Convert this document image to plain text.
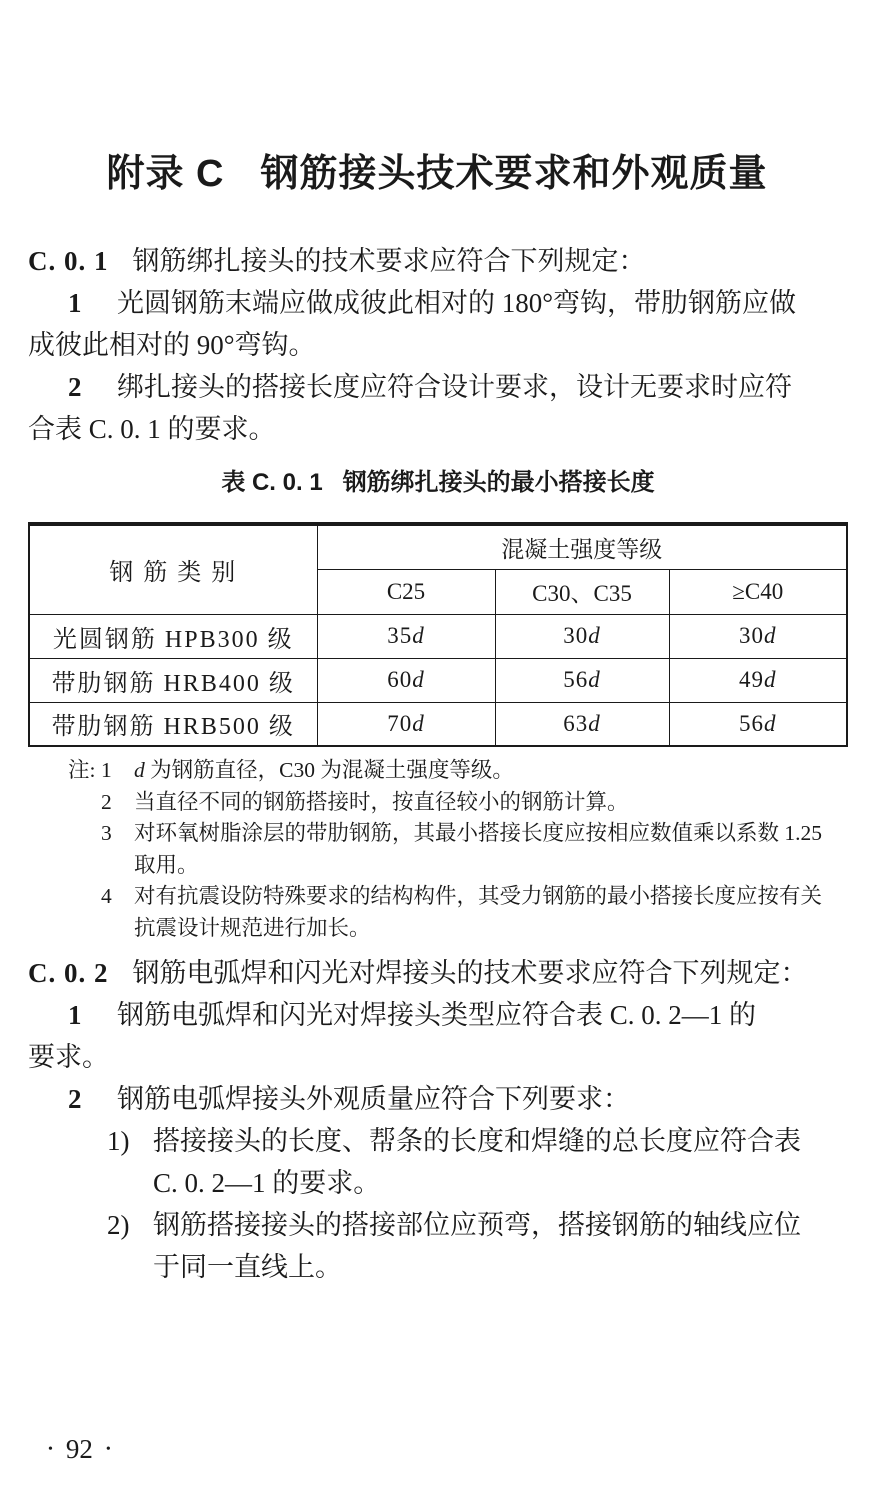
附录 C 钢筋接头技术要求和外观质量
C. 0. 1 钢筋绑扎接头的技术要求应符合下列规定：
1 光圆钢筋末端应做成彼此相对的 180°弯钩，带肋钢筋应做
成彼此相对的 90°弯钩。
2 绑扎接头的搭接长度应符合设计要求，设计无要求时应符
合表 C. 0. 1 的要求。
表 C. 0. 1 钢筋绑扎接头的最小搭接长度
钢 筋 类 别	混凝土强度等级		
	C25	C30、C35	≥C40
光圆钢筋 HPB300 级	35d	30d	30d
带肋钢筋 HRB400 级	60d	56d	49d
带肋钢筋 HRB500 级	70d	63d	56d
注: 1	d 为钢筋直径，C30 为混凝土强度等级。
2	当直径不同的钢筋搭接时，按直径较小的钢筋计算。
3	对环氧树脂涂层的带肋钢筋，其最小搭接长度应按相应数值乘以系数 1.25 取用。
4	对有抗震设防特殊要求的结构构件，其受力钢筋的最小搭接长度应按有关抗震设计规范进行加长。
C. 0. 2 钢筋电弧焊和闪光对焊接头的技术要求应符合下列规定：
1 钢筋电弧焊和闪光对焊接头类型应符合表 C. 0. 2—1 的
要求。
2 钢筋电弧焊接头外观质量应符合下列要求：
1) 搭接接头的长度、帮条的长度和焊缝的总长度应符合表
C. 0. 2—1 的要求。
2) 钢筋搭接接头的搭接部位应预弯，搭接钢筋的轴线应位
于同一直线上。
• 92 •
